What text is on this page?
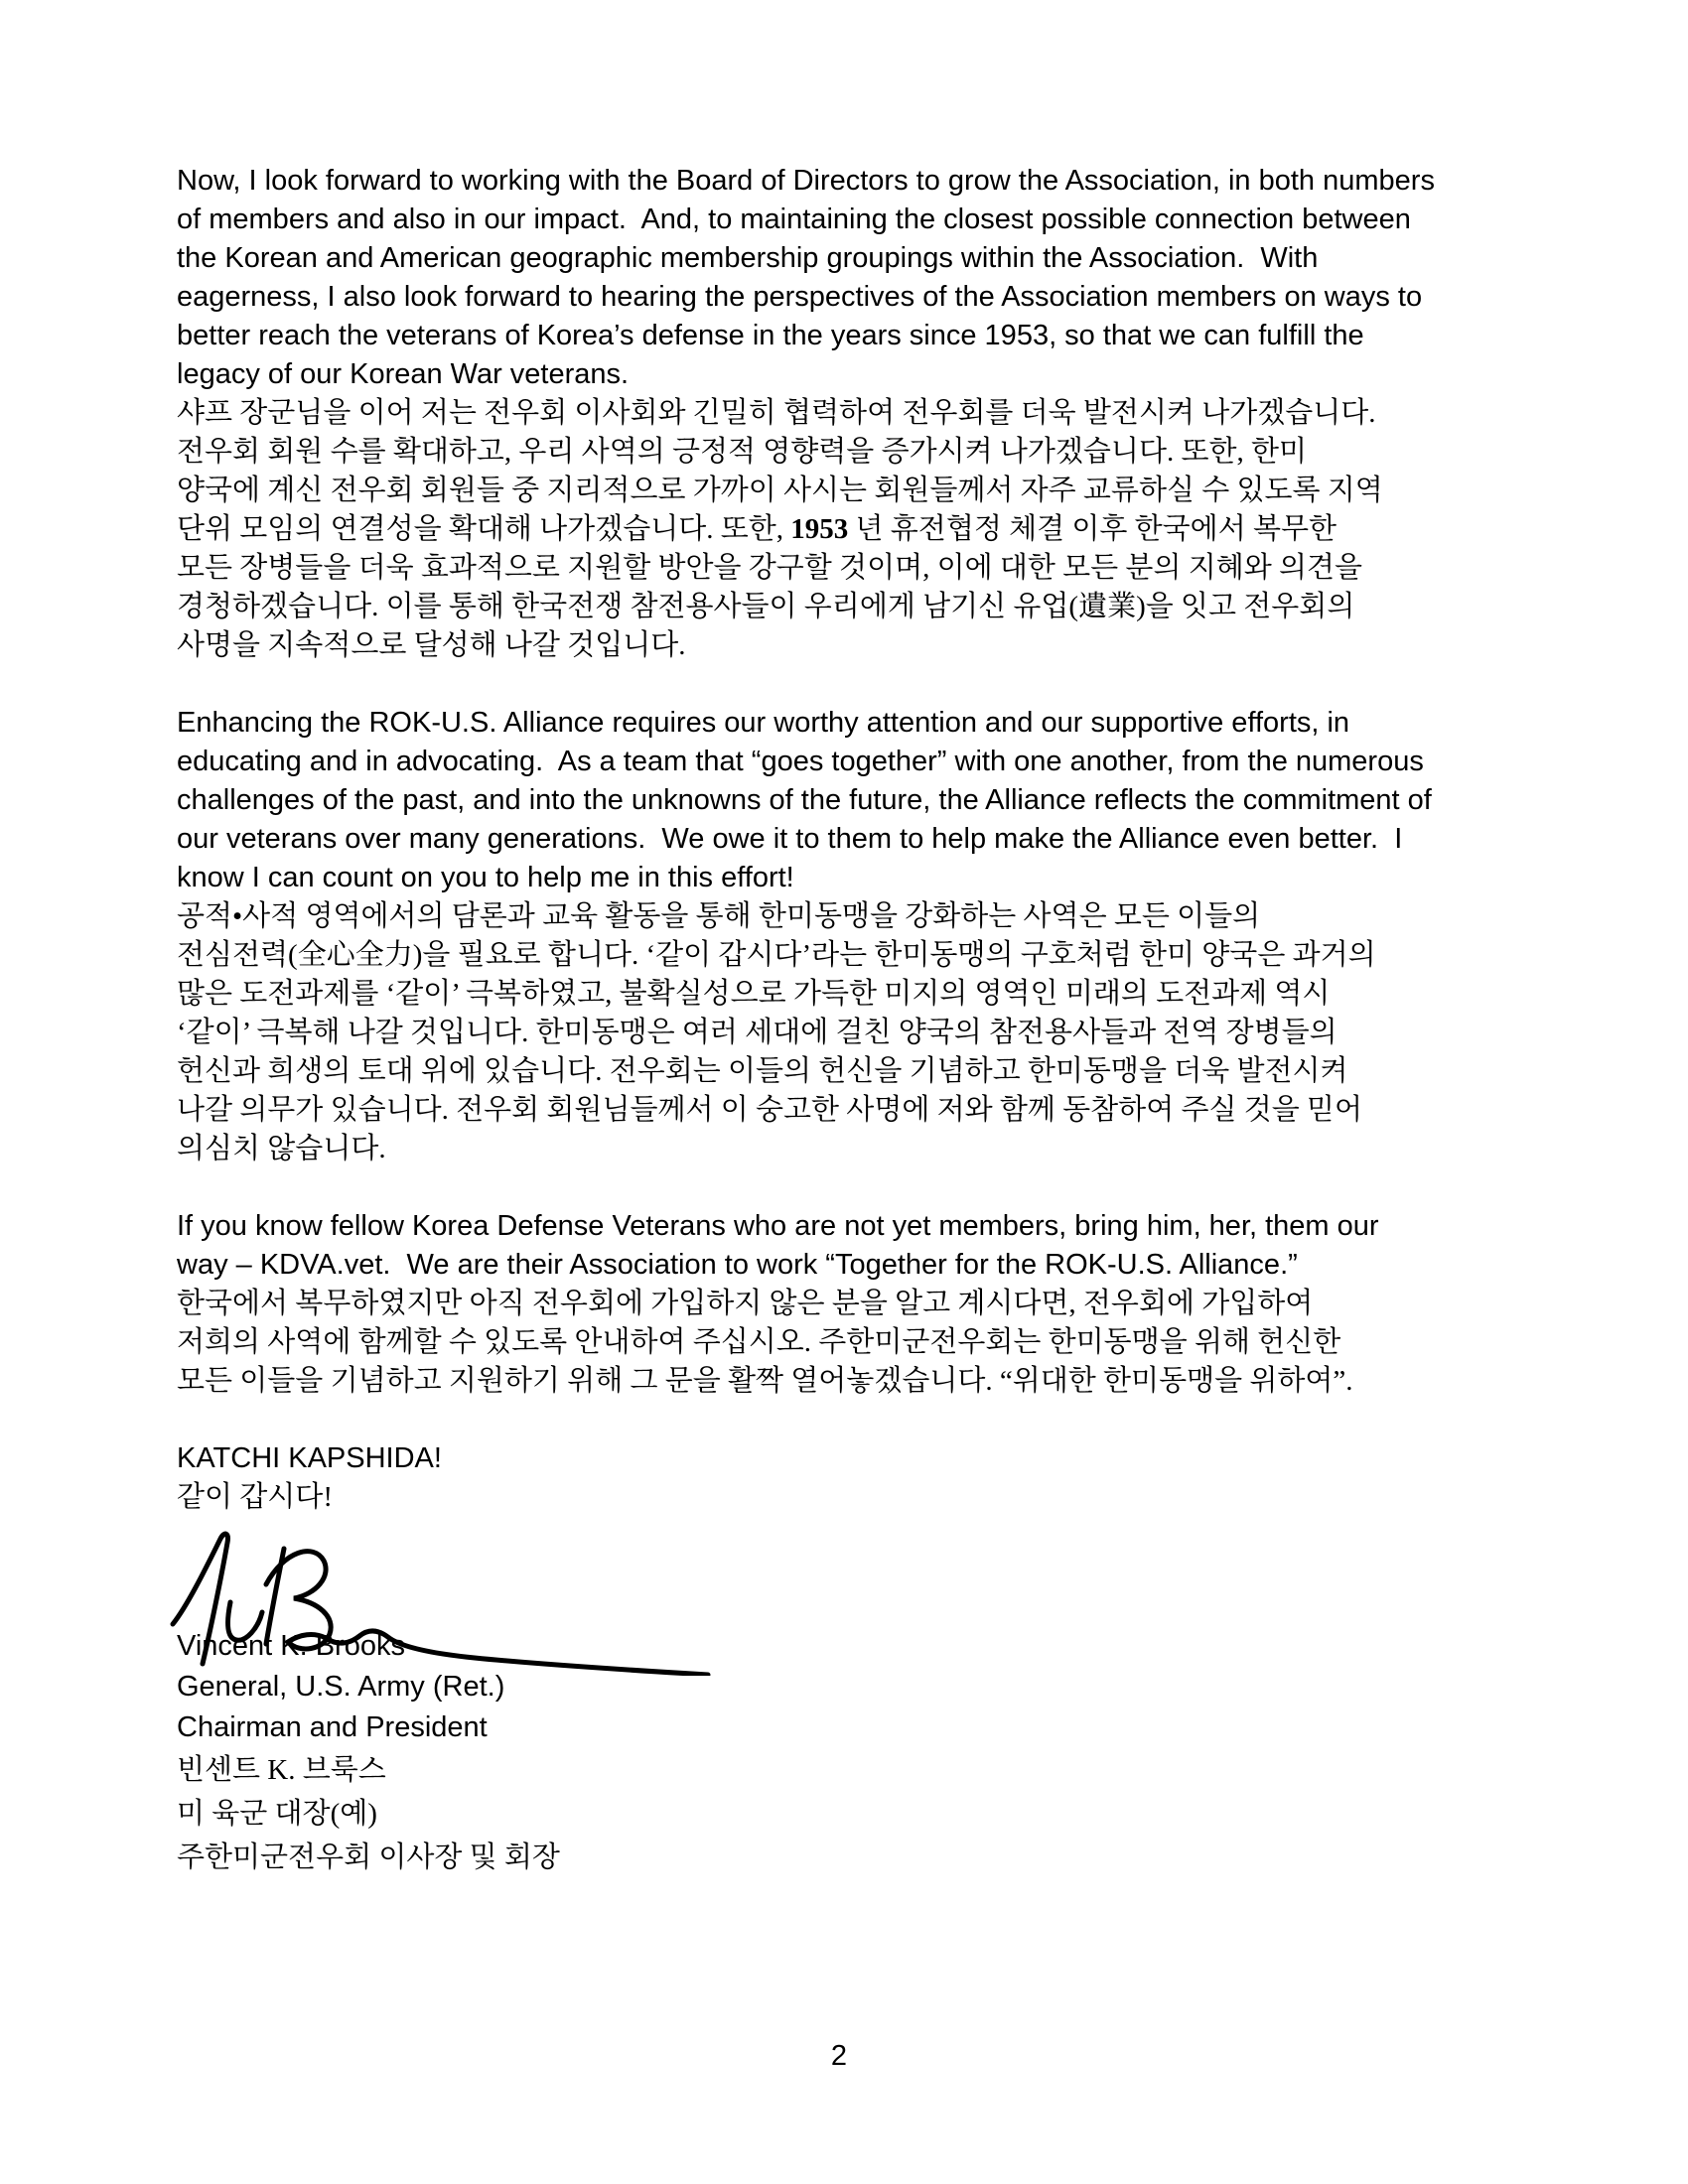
Now, I look forward to working with the Board of Directors to grow the Association, in both numbers
of members and also in our impact.  And, to maintaining the closest possible connection between
the Korean and American geographic membership groupings within the Association.  With
eagerness, I also look forward to hearing the perspectives of the Association members on ways to
better reach the veterans of Korea’s defense in the years since 1953, so that we can fulfill the
legacy of our Korean War veterans.
샤프 장군님을 이어 저는 전우회 이사회와 긴밀히 협력하여 전우회를 더욱 발전시켜 나가겠습니다.
전우회 회원 수를 확대하고, 우리 사역의 긍정적 영향력을 증가시켜 나가겠습니다. 또한, 한미
양국에 계신 전우회 회원들 중 지리적으로 가까이 사시는 회원들께서 자주 교류하실 수 있도록 지역
단위 모임의 연결성을 확대해 나가겠습니다. 또한, 1953 년 휴전협정 체결 이후 한국에서 복무한
모든 장병들을 더욱 효과적으로 지원할 방안을 강구할 것이며, 이에 대한 모든 분의 지혜와 의견을
경청하겠습니다. 이를 통해 한국전쟁 참전용사들이 우리에게 남기신 유업(遺業)을 잇고 전우회의
사명을 지속적으로 달성해 나갈 것입니다.
Enhancing the ROK-U.S. Alliance requires our worthy attention and our supportive efforts, in
educating and in advocating.  As a team that “goes together” with one another, from the numerous
challenges of the past, and into the unknowns of the future, the Alliance reflects the commitment of
our veterans over many generations.  We owe it to them to help make the Alliance even better.  I
know I can count on you to help me in this effort!
공적•사적 영역에서의 담론과 교육 활동을 통해 한미동맹을 강화하는 사역은 모든 이들의
전심전력(全心全力)을 필요로 합니다. ‘같이 갑시다’라는 한미동맹의 구호처럼 한미 양국은 과거의
많은 도전과제를 ‘같이’ 극복하였고, 불확실성으로 가득한 미지의 영역인 미래의 도전과제 역시
‘같이’ 극복해 나갈 것입니다. 한미동맹은 여러 세대에 걸친 양국의 참전용사들과 전역 장병들의
헌신과 희생의 토대 위에 있습니다. 전우회는 이들의 헌신을 기념하고 한미동맹을 더욱 발전시켜
나갈 의무가 있습니다. 전우회 회원님들께서 이 숭고한 사명에 저와 함께 동참하여 주실 것을 믿어
의심치 않습니다.
If you know fellow Korea Defense Veterans who are not yet members, bring him, her, them our
way – KDVA.vet.  We are their Association to work “Together for the ROK-U.S. Alliance.”
한국에서 복무하였지만 아직 전우회에 가입하지 않은 분을 알고 계시다면, 전우회에 가입하여
저희의 사역에 함께할 수 있도록 안내하여 주십시오. 주한미군전우회는 한미동맹을 위해 헌신한
모든 이들을 기념하고 지원하기 위해 그 문을 활짝 열어놓겠습니다. “위대한 한미동맹을 위하여”.
KATCHI KAPSHIDA!
같이 갑시다!
Vincent K. Brooks
General, U.S. Army (Ret.)
Chairman and President
빈센트 K. 브룩스
미 육군 대장(예)
주한미군전우회 이사장 및 회장
2
